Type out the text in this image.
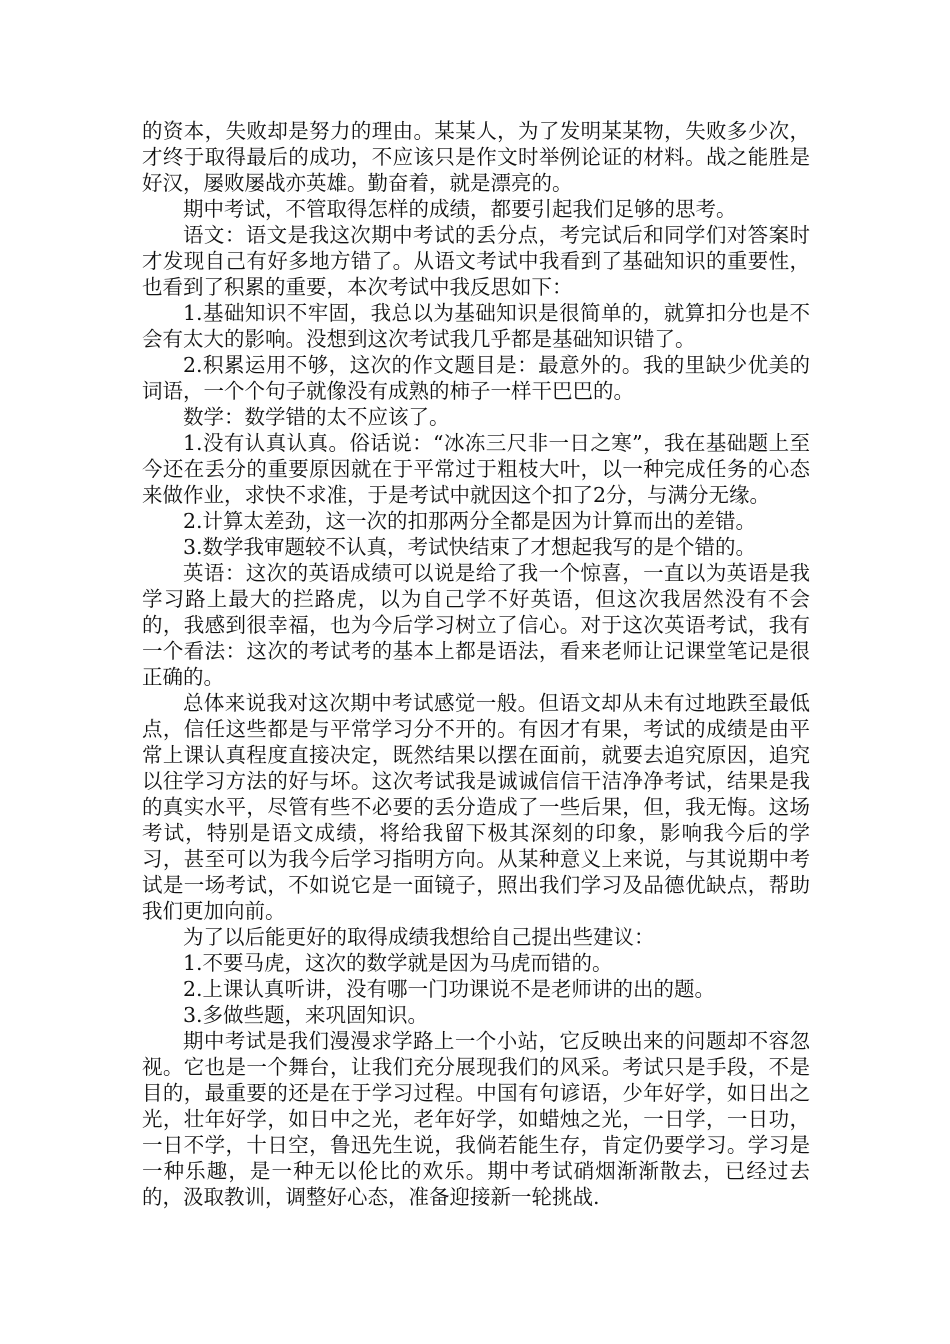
的资本，失败却是努力的理由。某某人，为了发明某某物，失败多少次，才终于取得最后的成功，不应该只是作文时举例论证的材料。战之能胜是好汉，屡败屡战亦英雄。勤奋着，就是漂亮的。

期中考试，不管取得怎样的成绩，都要引起我们足够的思考。

语文：语文是我这次期中考试的丢分点，考完试后和同学们对答案时才发现自己有好多地方错了。从语文考试中我看到了基础知识的重要性，也看到了积累的重要，本次考试中我反思如下：

1.基础知识不牢固，我总以为基础知识是很简单的，就算扣分也是不会有太大的影响。没想到这次考试我几乎都是基础知识错了。

2.积累运用不够，这次的作文题目是：最意外的。我的里缺少优美的词语，一个个句子就像没有成熟的柿子一样干巴巴的。

数学：数学错的太不应该了。

1.没有认真认真。俗话说：“冰冻三尺非一日之寒”，我在基础题上至今还在丢分的重要原因就在于平常过于粗枝大叶，以一种完成任务的心态来做作业，求快不求准，于是考试中就因这个扣了2分，与满分无缘。

2.计算太差劲，这一次的扣那两分全都是因为计算而出的差错。

3.数学我审题较不认真，考试快结束了才想起我写的是个错的。

英语：这次的英语成绩可以说是给了我一个惊喜，一直以为英语是我学习路上最大的拦路虎，以为自己学不好英语，但这次我居然没有不会的，我感到很幸福，也为今后学习树立了信心。对于这次英语考试，我有一个看法：这次的考试考的基本上都是语法，看来老师让记课堂笔记是很正确的。

总体来说我对这次期中考试感觉一般。但语文却从未有过地跌至最低点，信任这些都是与平常学习分不开的。有因才有果，考试的成绩是由平常上课认真程度直接决定，既然结果以摆在面前，就要去追究原因，追究以往学习方法的好与坏。这次考试我是诚诚信信干洁净净考试，结果是我的真实水平，尽管有些不必要的丢分造成了一些后果，但，我无悔。这场考试，特别是语文成绩，将给我留下极其深刻的印象，影响我今后的学习，甚至可以为我今后学习指明方向。从某种意义上来说，与其说期中考试是一场考试，不如说它是一面镜子，照出我们学习及品德优缺点，帮助我们更加向前。

为了以后能更好的取得成绩我想给自己提出些建议：

1.不要马虎，这次的数学就是因为马虎而错的。

2.上课认真听讲，没有哪一门功课说不是老师讲的出的题。

3.多做些题，来巩固知识。

期中考试是我们漫漫求学路上一个小站，它反映出来的问题却不容忽视。它也是一个舞台，让我们充分展现我们的风采。考试只是手段，不是目的，最重要的还是在于学习过程。中国有句谚语，少年好学，如日出之光，壮年好学，如日中之光，老年好学，如蜡烛之光，一日学，一日功，一日不学，十日空，鲁迅先生说，我倘若能生存，肯定仍要学习。学习是一种乐趣，是一种无以伦比的欢乐。期中考试硝烟渐渐散去，已经过去的，汲取教训，调整好心态，准备迎接新一轮挑战.
